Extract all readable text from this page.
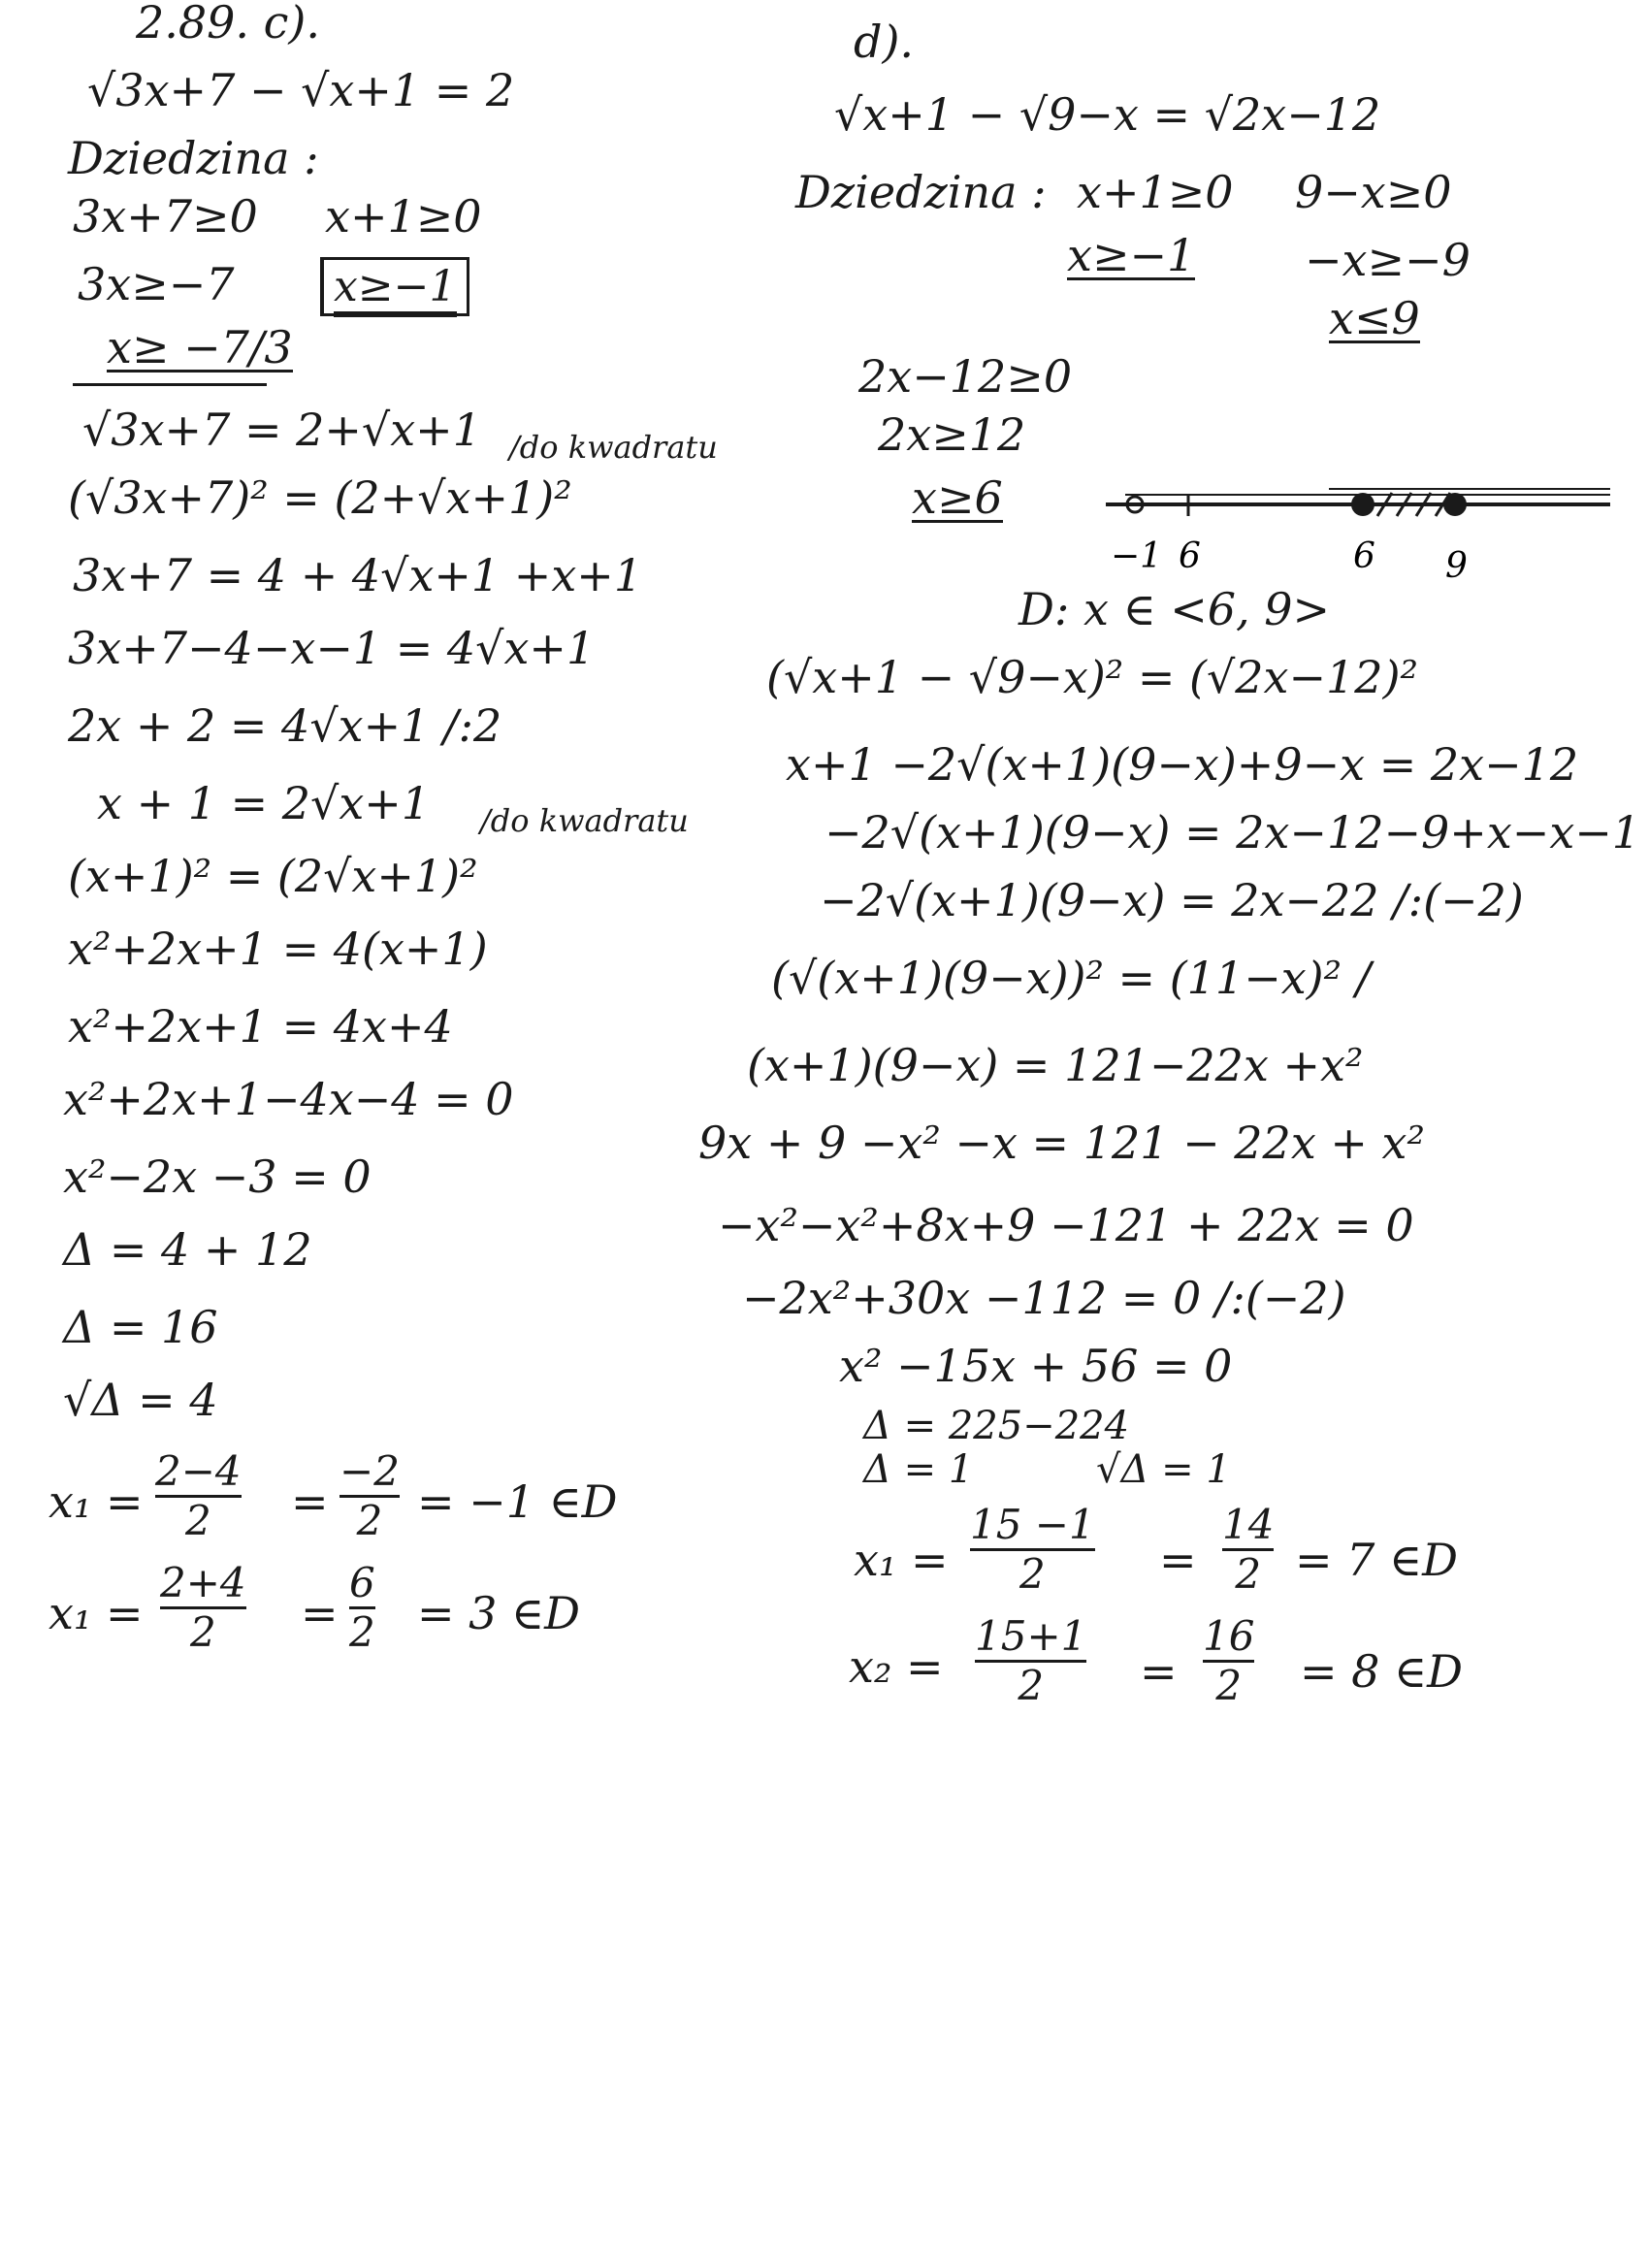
2.89. c).
√3x+7 − √x+1 = 2
Dziedzina :
3x+7≥0 x+1≥0
3x≥−7	x≥−1
x≥ −7/3
√3x+7 = 2+√x+1 /do kwadratu
(√3x+7)² = (2+√x+1)²
3x+7 = 4 + 4√x+1 +x+1
3x+7−4−x−1 = 4√x+1
2x + 2 = 4√x+1 /:2
x + 1 = 2√x+1 /do kwadratu
(x+1)² = (2√x+1)²
x²+2x+1 = 4(x+1)
x²+2x+1 = 4x+4
x²+2x+1−4x−4 = 0
x²−2x −3 = 0
Δ = 4 + 12
Δ = 16
√Δ = 4
x₁ =
2−4
2 =
−2
2 = −1 ∈D
x₁ =
2+4
2 =
6
2 = 3 ∈D
d).
√x+1 − √9−x = √2x−12
Dziedzina : x+1≥0 9−x≥0
x≥−1 −x≥−9
x≤9
2x−12≥0
2x≥12
x≥6
−1 6	6 9
D: x ∈ <6, 9>
(√x+1 − √9−x)² = (√2x−12)²
x+1 −2√(x+1)(9−x)+9−x = 2x−12
−2√(x+1)(9−x) = 2x−12−9+x−x−1
−2√(x+1)(9−x) = 2x−22 /:(−2)
(√(x+1)(9−x))² = (11−x)² /
(x+1)(9−x) = 121−22x +x²
9x + 9 −x² −x = 121 − 22x + x²
−x²−x²+8x+9 −121 + 22x = 0
−2x²+30x −112 = 0 /:(−2)
x² −15x + 56 = 0
Δ = 225−224
Δ = 1	√Δ = 1
x₁ =
15 −1
2	=
14
2 = 7 ∈D
x₂ =
15+1
2 =
16
2 = 8 ∈D
